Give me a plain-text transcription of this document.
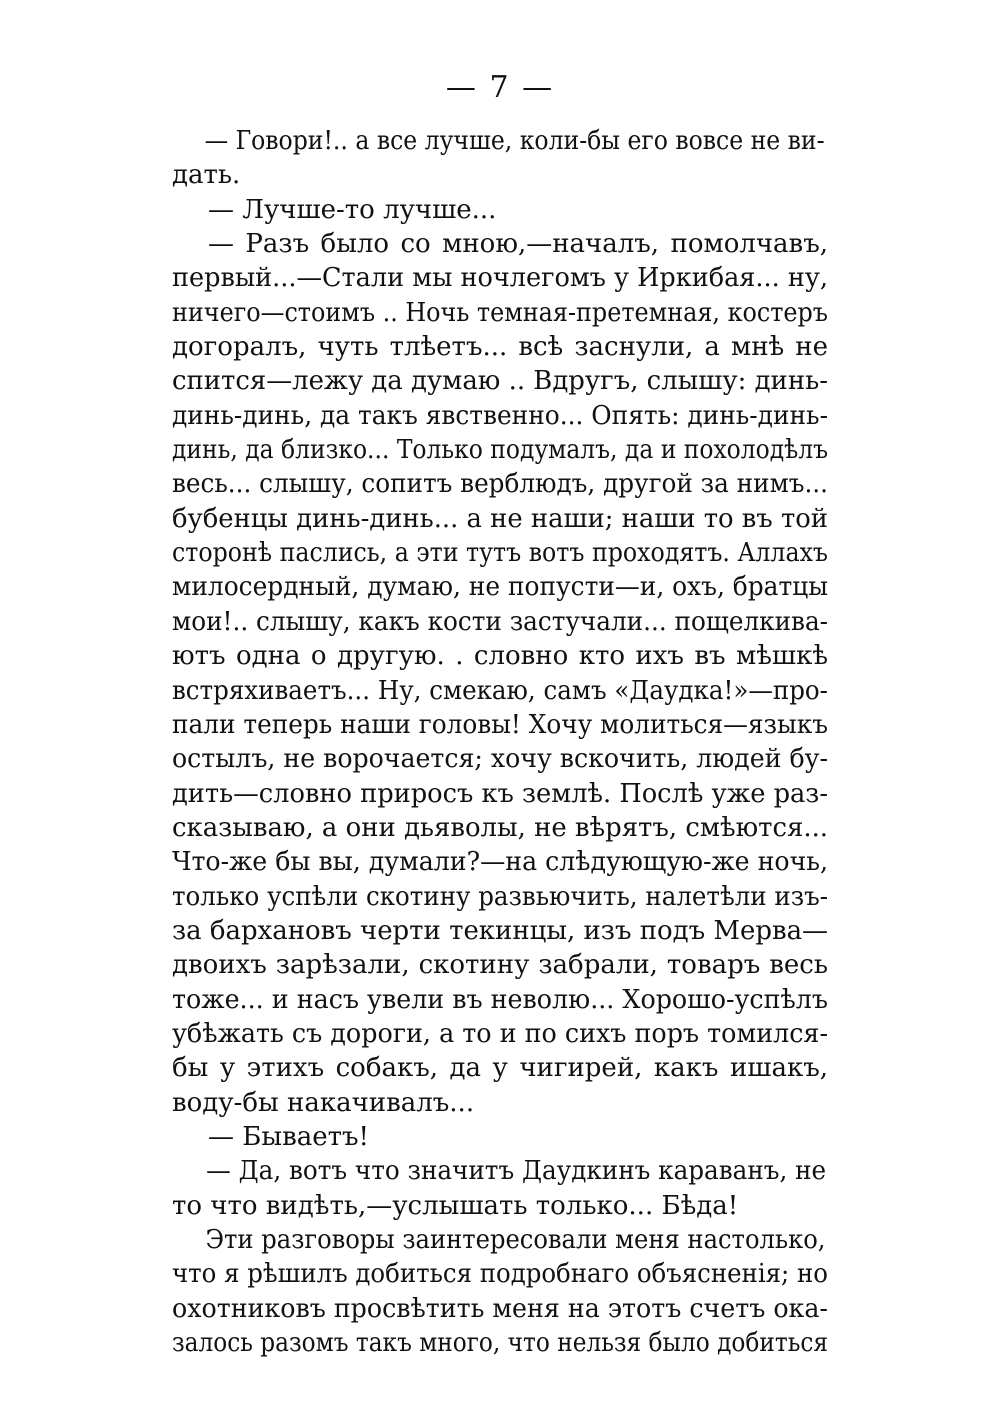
— 7 —
— Говори!.. а все лучше, коли-бы его вовсе не ви-
дать.
— Лучше-то лучше...
— Разъ было со мною,—началъ, помолчавъ,
первый...—Стали мы ночлегомъ у Иркибая... ну,
ничего—стоимъ .. Ночь темная-претемная, костеръ
догоралъ, чуть тлѣетъ... всѣ заснули, а мнѣ не
спится—лежу да думаю .. Вдругъ, слышу: динь-
динь-динь, да такъ явственно... Опять: динь-динь-
динь, да близко... Только подумалъ, да и похолодѣлъ
весь... слышу, сопитъ верблюдъ, другой за нимъ...
бубенцы динь-динь... а не наши; наши то въ той
сторонѣ паслись, а эти тутъ вотъ проходятъ. Аллахъ
милосердный, думаю, не попусти—и, охъ, братцы
мои!.. слышу, какъ кости застучали... пощелкива-
ютъ одна о другую. . словно кто ихъ въ мѣшкѣ
встряхиваетъ... Ну, смекаю, самъ «Даудка!»—про-
пали теперь наши головы! Хочу молиться—языкъ
остылъ, не ворочается; хочу вскочить, людей бу-
дить—словно приросъ къ землѣ. Послѣ уже раз-
сказываю, а они дьяволы, не вѣрятъ, смѣются...
Что-же бы вы, думали?—на слѣдующую-же ночь,
только успѣли скотину развьючить, налетѣли изъ-
за бархановъ черти текинцы, изъ подъ Мерва—
двоихъ зарѣзали, скотину забрали, товаръ весь
тоже... и насъ увели въ неволю... Хорошо-успѣлъ
убѣжать съ дороги, а то и по сихъ поръ томился-
бы у этихъ собакъ, да у чигирей, какъ ишакъ,
воду-бы накачивалъ...
— Бываетъ!
— Да, вотъ что значитъ Даудкинъ караванъ, не
то что видѣть,—услышать только... Бѣда!
Эти разговоры заинтересовали меня настолько,
что я рѣшилъ добиться подробнаго объясненія; но
охотниковъ просвѣтить меня на этотъ счетъ ока-
залось разомъ такъ много, что нельзя было добиться
